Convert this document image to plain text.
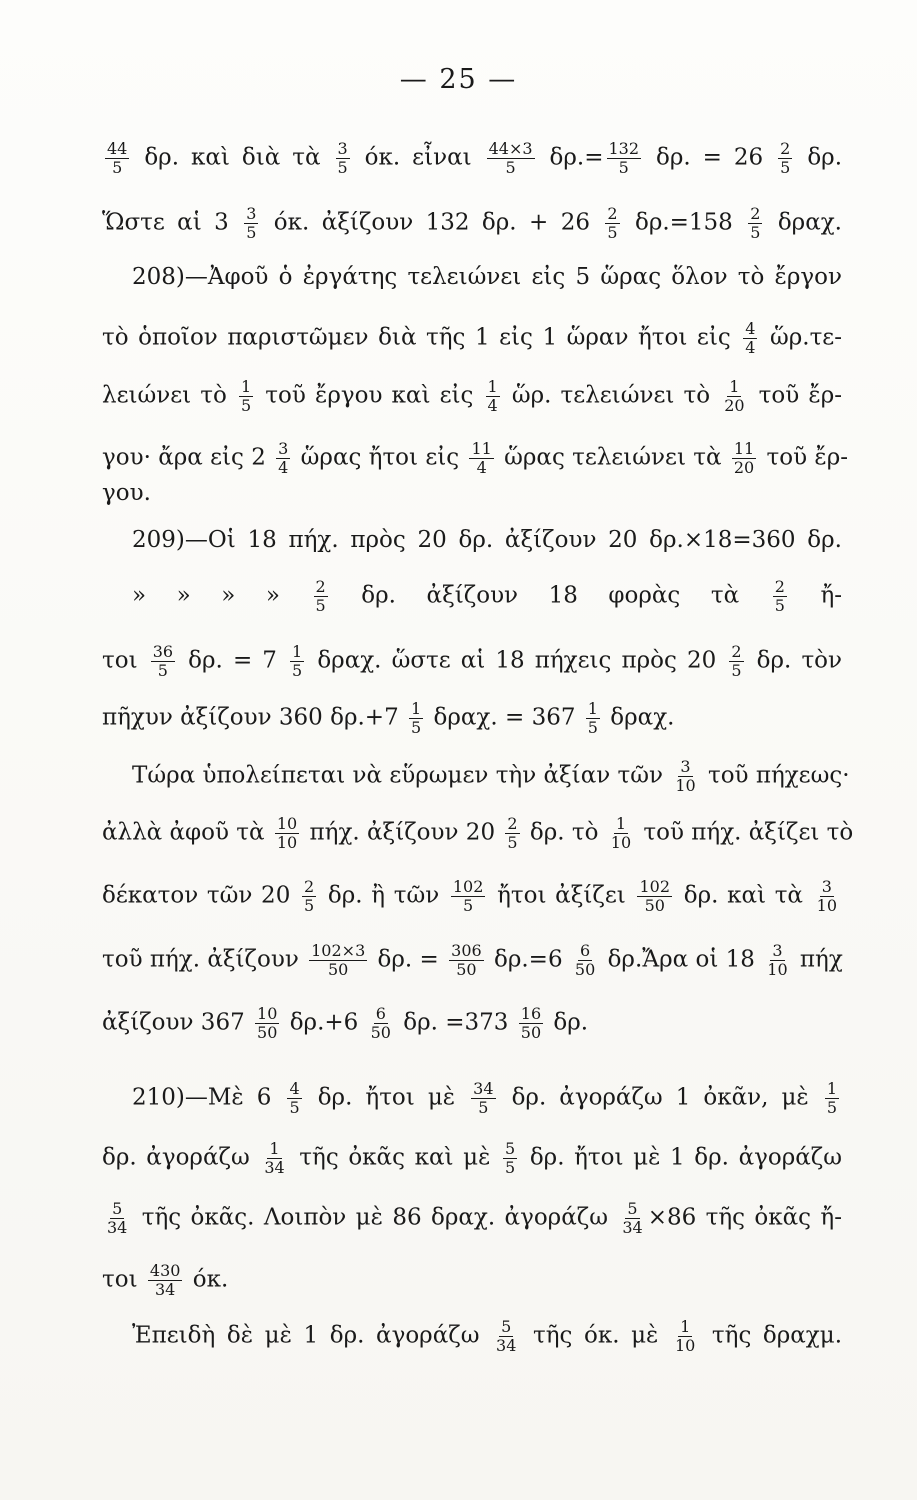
— 25 —
$\frac{44}{5} \delta\rho$. καὶ διὰ τὰ $\frac{3}{5} ό\kappa$. εἶναι $\frac{44\times 3}{5} \delta\rho.= \frac{132}{5} \delta\rho$. = $26 \frac{2}{5} \delta\rho$.
Ὥστε αἱ $3 \frac{3}{5} ό\kappa$. ἀξίζουν 132 δρ. + $26 \frac{2}{5} \delta\rho.=158 \frac{2}{5} \delta\rho\alpha\chi$.
208)—Ἀφοῦ ὁ ἐργάτης τελειώνει εἰς 5 ὥρας ὅλον τὸ ἔργον
τὸ ὁποῖον παριστῶμεν διὰ τῆς 1 εἰς 1 ὥραν ἤτοι εἰς $\frac{4}{4}$ ὥρ.τε-
λειώνει τὸ $\frac{1}{5}$ τοῦ ἔργου καὶ εἰς $\frac{1}{4}$ ὥρ. τελειώνει τὸ $\frac{1}{20}$ τοῦ ἔρ-
γου· ἄρα εἰς $2 \frac{3}{4}$ ὥρας ἤτοι εἰς $\frac{11}{4}$ ὥρας τελειώνει τὰ $\frac{11}{20}$ τοῦ ἔρ-
γου.
209)—Οἱ 18 πήχ. πρὸς 20 δρ. ἀξίζουν 20 δρ.×18=360 δρ.
» » » » $\frac{2}{5} \delta\rho$. ἀξίζουν 18 φορὰς τὰ $\frac{2}{5}$ ἤ-
τοι $\frac{36}{5} \delta\rho$. = $7 \frac{1}{5} \delta\rho\alpha\chi$. ὥστε αἱ 18 πήχεις πρὸς $20 \frac{2}{5} \delta\rho$. τὸν
πῆχυν ἀξίζουν 360 $\delta\rho.+7 \frac{1}{5} \delta\rho\alpha\chi$. = $367 \frac{1}{5} \delta\rho\alpha\chi$.
Τώρα ὑπολείπεται νὰ εὕρωμεν τὴν ἀξίαν τῶν $\frac{3}{10}$ τοῦ πήχεως·
ἀλλὰ ἀφοῦ τὰ $\frac{10}{10} \pi ή\chi$. ἀξίζουν $20 \frac{2}{5} \delta\rho$. τὸ $\frac{1}{10}$ τοῦ πήχ. ἀξίζει τὸ
δέκατον τῶν $20 \frac{2}{5} \delta\rho$. ἢ τῶν $\frac{102}{5}$ ἤτοι ἀξίζει $\frac{102}{50} \delta\rho$. καὶ τὰ $\frac{3}{10}$
τοῦ πήχ. ἀξίζουν $\frac{102\times 3}{50} \delta\rho$. = $\frac{306}{50} \delta\rho.=6 \frac{6}{50}$ δρ.Ἄρα οἱ $18 \frac{3}{10}$ πήχ
ἀξίζουν $367 \frac{10}{50} \delta\rho.+6 \frac{6}{50} \delta\rho$. $=373 \frac{16}{50} \delta\rho$.
210)—Μὲ $6 \frac{4}{5} \delta\rho$. ἤτοι μὲ $\frac{34}{5} \delta\rho$. ἀγοράζω 1 ὀκᾶν, μὲ $\frac{1}{5}$
δρ. ἀγοράζω $\frac{1}{34}$ τῆς ὀκᾶς καὶ μὲ $\frac{5}{5} \delta\rho$. ἤτοι μὲ 1 δρ. ἀγοράζω
$\frac{5}{34}$ τῆς ὀκᾶς. Λοιπὸν μὲ 86 δραχ. ἀγοράζω $\frac{5}{34} \times 86$ τῆς ὀκᾶς ἤ-
τοι $\frac{430}{34} ό\kappa$.
Ἐπειδὴ δὲ μὲ 1 δρ. ἀγοράζω $\frac{5}{34}$ τῆς όκ. μὲ $\frac{1}{10}$ τῆς δραχμ.
